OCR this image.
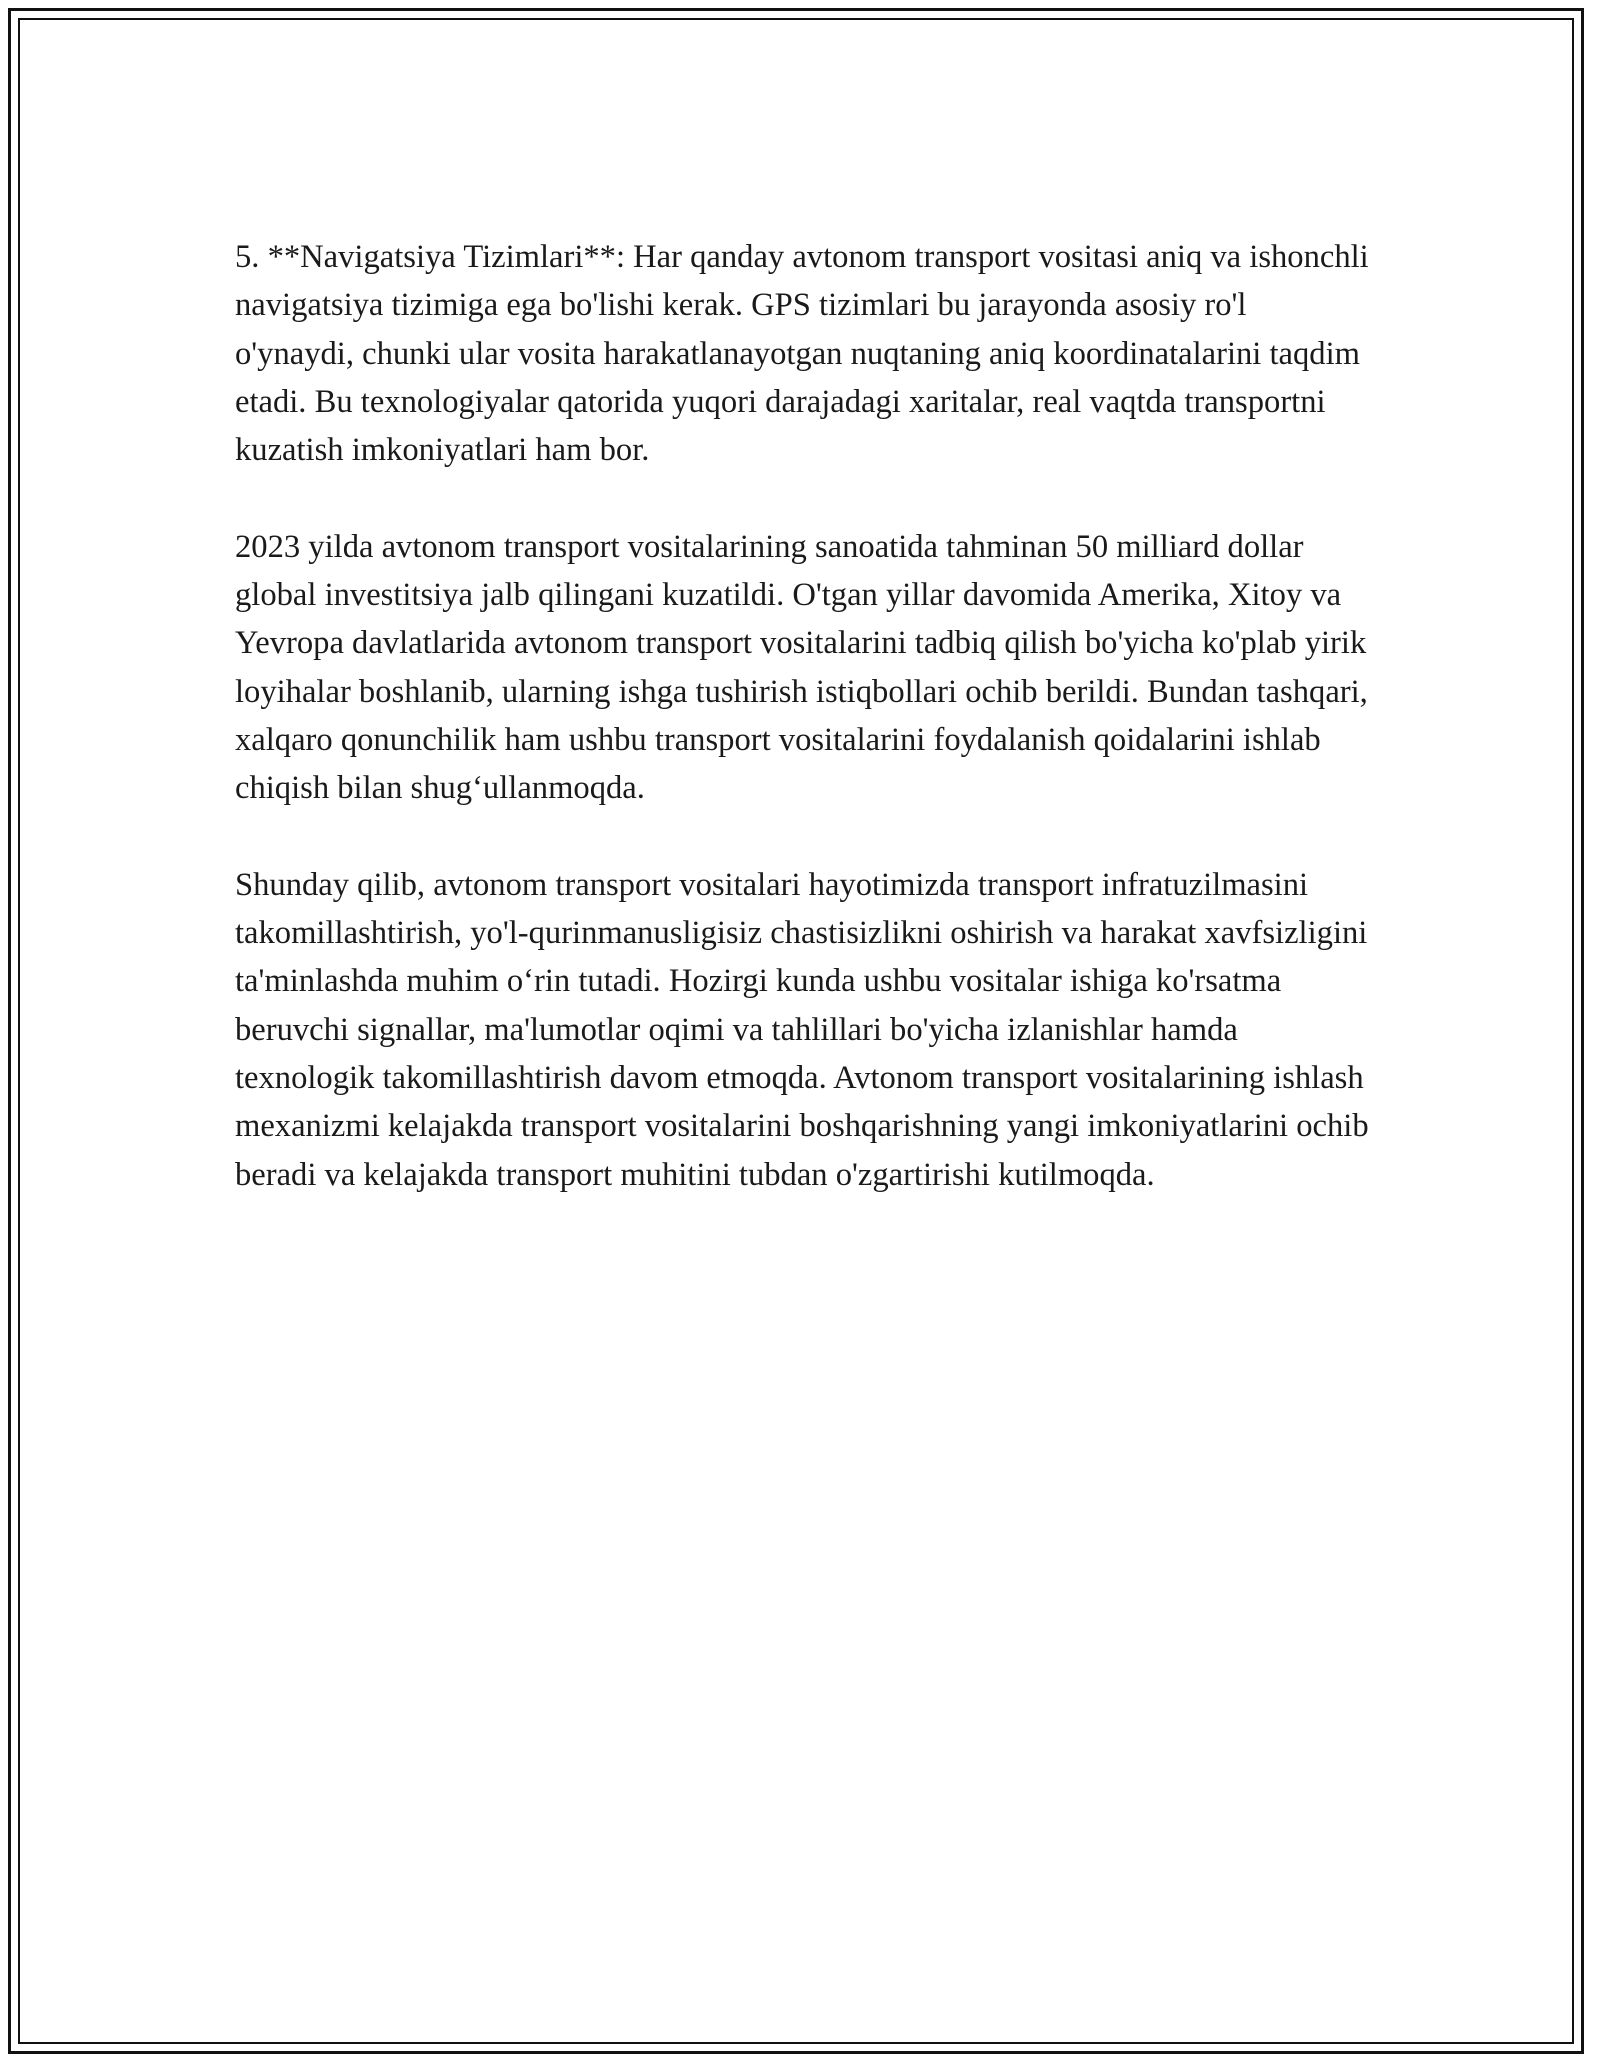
5. **Navigatsiya Tizimlari**: Har qanday avtonom transport vositasi aniq va ishonchli navigatsiya tizimiga ega bo'lishi kerak. GPS tizimlari bu jarayonda asosiy ro'l o'ynaydi, chunki ular vosita harakatlanayotgan nuqtaning aniq koordinatalarini taqdim etadi. Bu texnologiyalar qatorida yuqori darajadagi xaritalar, real vaqtda transportni kuzatish imkoniyatlari ham bor.

2023 yilda avtonom transport vositalarining sanoatida tahminan 50 milliard dollar global investitsiya jalb qilingani kuzatildi. O'tgan yillar davomida Amerika, Xitoy va Yevropa davlatlarida avtonom transport vositalarini tadbiq qilish bo'yicha ko'plab yirik loyihalar boshlanib, ularning ishga tushirish istiqbollari ochib berildi. Bundan tashqari, xalqaro qonunchilik ham ushbu transport vositalarini foydalanish qoidalarini ishlab chiqish bilan shug‘ullanmoqda.

Shunday qilib, avtonom transport vositalari hayotimizda transport infratuzilmasini takomillashtirish, yo'l-qurinmanusligisiz chastisizlikni oshirish va harakat xavfsizligini ta'minlashda muhim o‘rin tutadi. Hozirgi kunda ushbu vositalar ishiga ko'rsatma beruvchi signallar, ma'lumotlar oqimi va tahlillari bo'yicha izlanishlar hamda texnologik takomillashtirish davom etmoqda. Avtonom transport vositalarining ishlash mexanizmi kelajakda transport vositalarini boshqarishning yangi imkoniyatlarini ochib beradi va kelajakda transport muhitini tubdan o'zgartirishi kutilmoqda.
